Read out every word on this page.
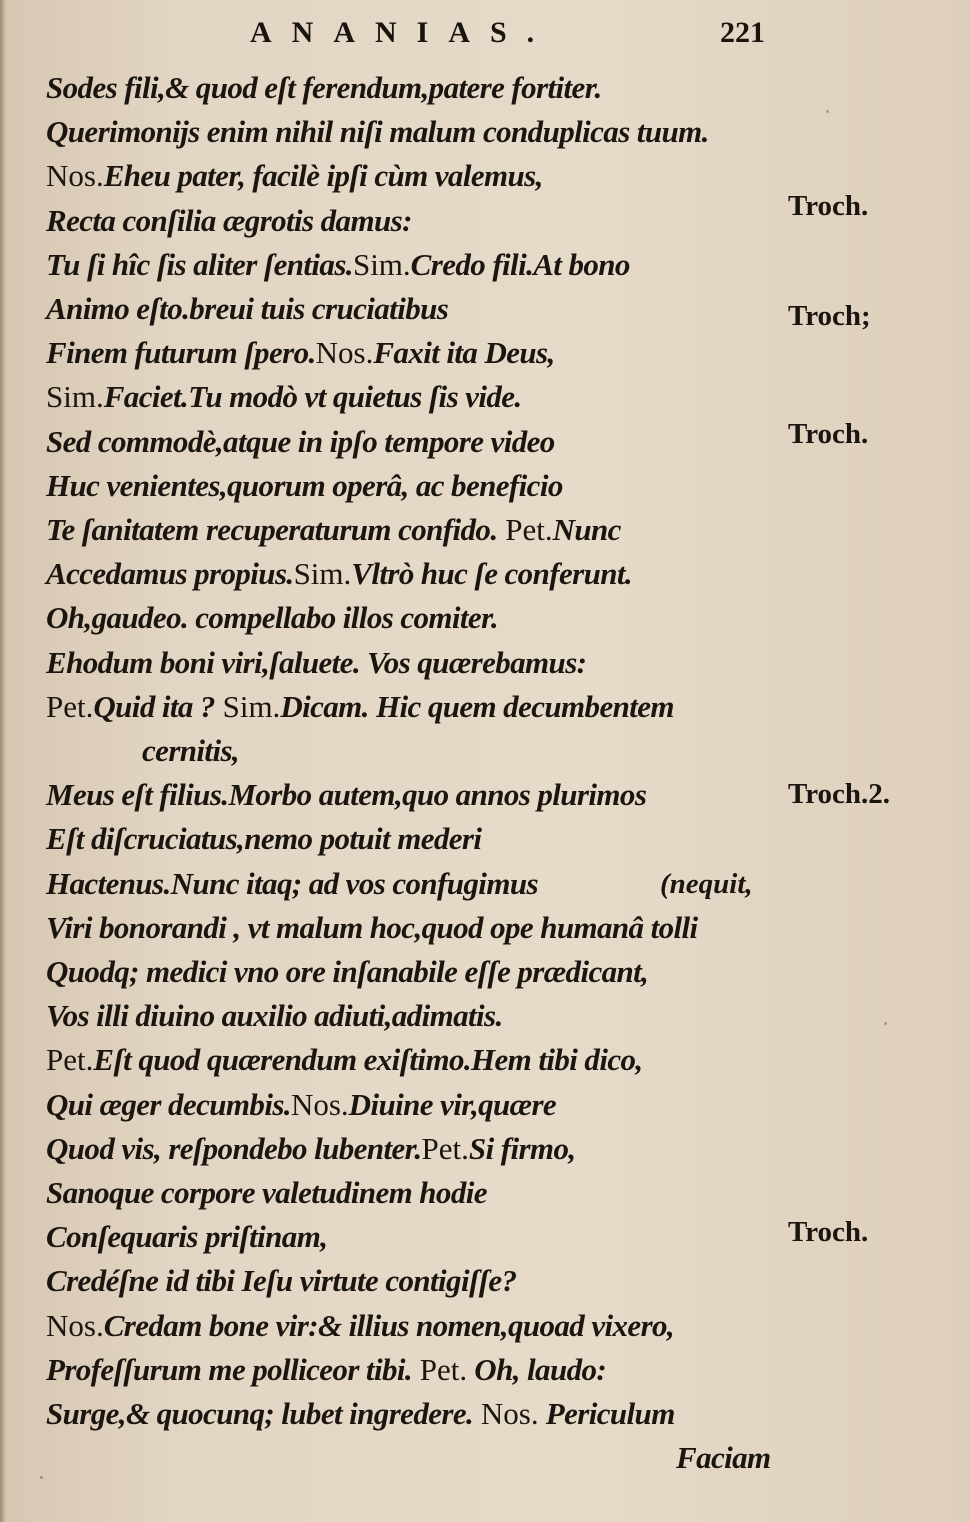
ANANIAS.	221
Sodes fili,& quod eſt ferendum,patere fortiter.
Querimonijs enim nihil niſi malum conduplicas tuum.
Nos.Eheu pater, facilè ipſi cùm valemus,
Recta conſilia ægrotis damus:
Tu ſi hîc ſis aliter ſentias.Sim.Credo fili.At bono
Animo eſto.breui tuis cruciatibus
Finem futurum ſpero.Nos.Faxit ita Deus,
Sim.Faciet.Tu modò vt quietus ſis vide.
Sed commodè,atque in ipſo tempore video
Huc venientes,quorum operâ, ac beneficio
Te ſanitatem recuperaturum confido. Pet.Nunc
Accedamus propius.Sim.Vltrò huc ſe conferunt.
Oh,gaudeo. compellabo illos comiter.
Ehodum boni viri,ſaluete. Vos quærebamus:
Pet.Quid ita ? Sim.Dicam. Hic quem decumbentem
cernitis,
Meus eſt filius.Morbo autem,quo annos plurimos
Eſt diſcruciatus,nemo potuit mederi
Hactenus.Nunc itaq; ad vos confugimus
Viri bonorandi , vt malum hoc,quod ope humanâ tolli
Quodq; medici vno ore inſanabile eſſe prædicant,
Vos illi diuino auxilio adiuti,adimatis.
Pet.Eſt quod quærendum exiſtimo.Hem tibi dico,
Qui æger decumbis.Nos.Diuine vir,quære
Quod vis, reſpondebo lubenter.Pet.Si firmo,
Sanoque corpore valetudinem hodie
Conſequaris priſtinam,
Credéſne id tibi Ieſu virtute contigiſſe?
Nos.Credam bone vir:& illius nomen,quoad vixero,
Profeſſurum me polliceor tibi. Pet. Oh, laudo:
Surge,& quocunq; lubet ingredere. Nos. Periculum
Faciam
(nequit,
Troch.
Troch;
Troch.
Troch.2.
Troch.
